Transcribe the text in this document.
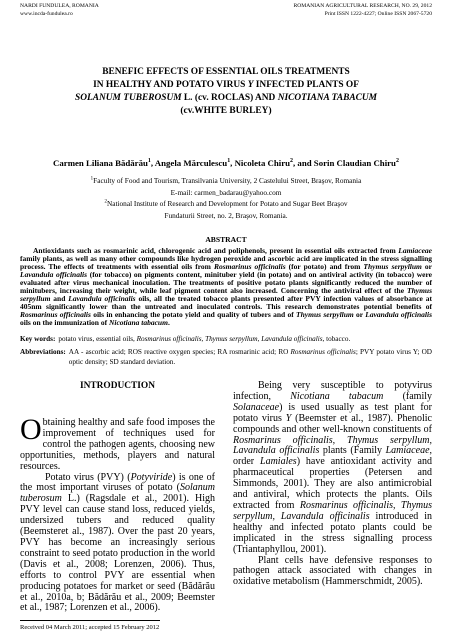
NARDI FUNDULEA, ROMANIA
www.incda-fundulea.ro
ROMANIAN AGRICULTURAL RESEARCH, NO. 29, 2012
Print ISSN 1222-4227; Online ISSN 2067-5720
BENEFIC EFFECTS OF ESSENTIAL OILS TREATMENTS
IN HEALTHY AND POTATO VIRUS Y INFECTED PLANTS OF
SOLANUM TUBEROSUM L. (cv. ROCLAS) AND NICOTIANA TABACUM
(cv.WHITE BURLEY)
Carmen Liliana Bădărău$^1$, Angela Mărculescu$^1$, Nicoleta Chiru$^2$, and Sorin Claudian Chiru$^2$
$^1$Faculty of Food and Tourism, Transilvania University, 2 Castelului Street, Braşov, Romania
E-mail: carmen_badarau@yahoo.com
$^2$National Institute of Research and Development for Potato and Sugar Beet Braşov
Fundaturii Street, no. 2, Braşov, Romania.
ABSTRACT

Antioxidants such as rosmarinic acid, chlorogenic acid and poliphenols, present in essential oils extracted from Lamiaceae family plants, as well as many other compounds like hydrogen peroxide and ascorbic acid are implicated in the stress signalling process. The effects of treatments with essential oils from Rosmarinus officinalis (for potato) and from Thymus serpyllum or Lavandula officinalis (for tobacco) on pigments content, minituber yield (in potato) and on antiviral activity (in tobacco) were evaluated after virus mechanical inoculation. The treatments of positive potato plants significantly reduced the number of minitubers, increasing their weight, while leaf pigment content also increased. Concerning the antiviral effect of the Thymus serpyllum and Lavandula officinalis oils, all the treated tobacco plants presented after PVY infection values of absorbance at 405nm significantly lower than the untreated and inoculated controls. This research demonstrates potential benefits of Rosmarinus officinalis oils in enhancing the potato yield and quality of tubers and of Thymus serpyllum or Lavandula officinalis oils on the immunization of Nicotiana tabacum.

Key words: potato virus, essential oils, Rosmarinus officinalis, Thymus serpyllum, Lavandula officinalis, tobacco.

Abbreviations: AA - ascorbic acid; ROS reactive oxygen species; RA rosmarinic acid; RO Rosmarinus officinalis; PVY potato virus Y; OD optic density; SD standard deviation.
INTRODUCTION

Obtaining healthy and safe food imposes the improvement of techniques used for control the pathogen agents, choosing new opportunities, methods, players and natural resources.

Potato virus (PVY) (Potyviride) is one of the most important viruses of potato (Solanum tuberosum L.) (Ragsdale et al., 2001). High PVY level can cause stand loss, reduced yields, undersized tubers and reduced quality (Beemsteret al., 1987). Over the past 20 years, PVY has become an increasingly serious constraint to seed potato production in the world (Davis et al., 2008; Lorenzen, 2006). Thus, efforts to control PVY are essential when producing potatoes for market or seed (Bădărău et al., 2010a, b; Bădărău et al., 2009; Beemster et al., 1987; Lorenzen et al., 2006).

Being very susceptible to potyvirus infection, Nicotiana tabacum (family Solanaceae) is used usually as test plant for potato virus Y (Beemster et al., 1987). Phenolic compounds and other well-known constituents of Rosmarinus officinalis, Thymus serpyllum, Lavandula officinalis plants (Family Lamiaceae, order Lamiales) have antioxidant activity and pharmaceutical properties (Petersen and Simmonds, 2001). They are also antimicrobial and antiviral, which protects the plants. Oils extracted from Rosmarinus officinalis, Thymus serpyllum, Lavandula officinalis introduced in healthy and infected potato plants could be implicated in the stress signalling process (Triantaphyllou, 2001).

Plant cells have defensive responses to pathogen attack associated with changes in oxidative metabolism (Hammerschmidt, 2005).

Received 04 March 2011; accepted 15 February 2012
